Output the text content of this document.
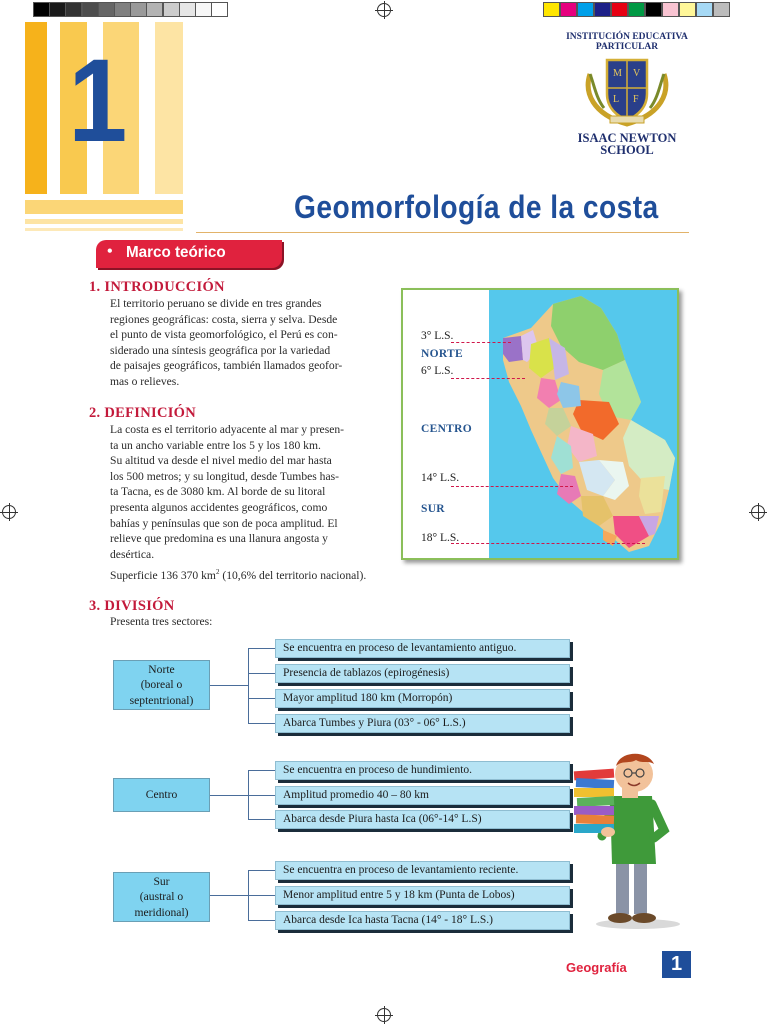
1	INSTITUCIÓN EDUCATIVA
PARTICULAR
M V
L F
ISAAC NEWTON
SCHOOL
Geomorfología de la costa
• Marco teórico
1. INTRODUCCIÓN

El territorio peruano se divide en tres grandes
regiones geográficas: costa, sierra y selva. Desde
el punto de vista geomorfológico, el Perú es con-
siderado una síntesis geográfica por la variedad
de paisajes geográficos, también llamados geofor-
mas o relieves.

2. DEFINICIÓN

La costa es el territorio adyacente al mar y presen-
ta un ancho variable entre los 5 y los 180 km.
Su altitud va desde el nivel medio del mar hasta
los 500 metros; y su longitud, desde Tumbes has-
ta Tacna, es de 3080 km. Al borde de su litoral
presenta algunos accidentes geográficos, como
bahías y penínsulas que son de poca amplitud. El
relieve que predomina es una llanura angosta y
desértica.

Superficie 136 370 $km^2$ (10,6% del territorio nacional).
3. DIVISIÓN
Presenta tres sectores:
3° L.S.
NORTE
6° L.S.
CENTRO
14° L.S.
SUR
18° L.S.
Norte
(boreal o
septentrional)
Se encuentra en proceso de levantamiento antiguo.
Presencia de tablazos (epirogénesis)
Mayor amplitud 180 km (Morropón)
Abarca Tumbes y Piura (03° - 06° L.S.)
Centro
Se encuentra en proceso de hundimiento.
Amplitud promedio 40 – 80 km
Abarca desde Piura hasta Ica (06°-14° L.S)
Sur
(austral o
meridional)
Se encuentra en proceso de levantamiento reciente.
Menor amplitud entre 5 y 18 km (Punta de Lobos)
Abarca desde Ica hasta Tacna (14° - 18° L.S.)
Geografía	1
